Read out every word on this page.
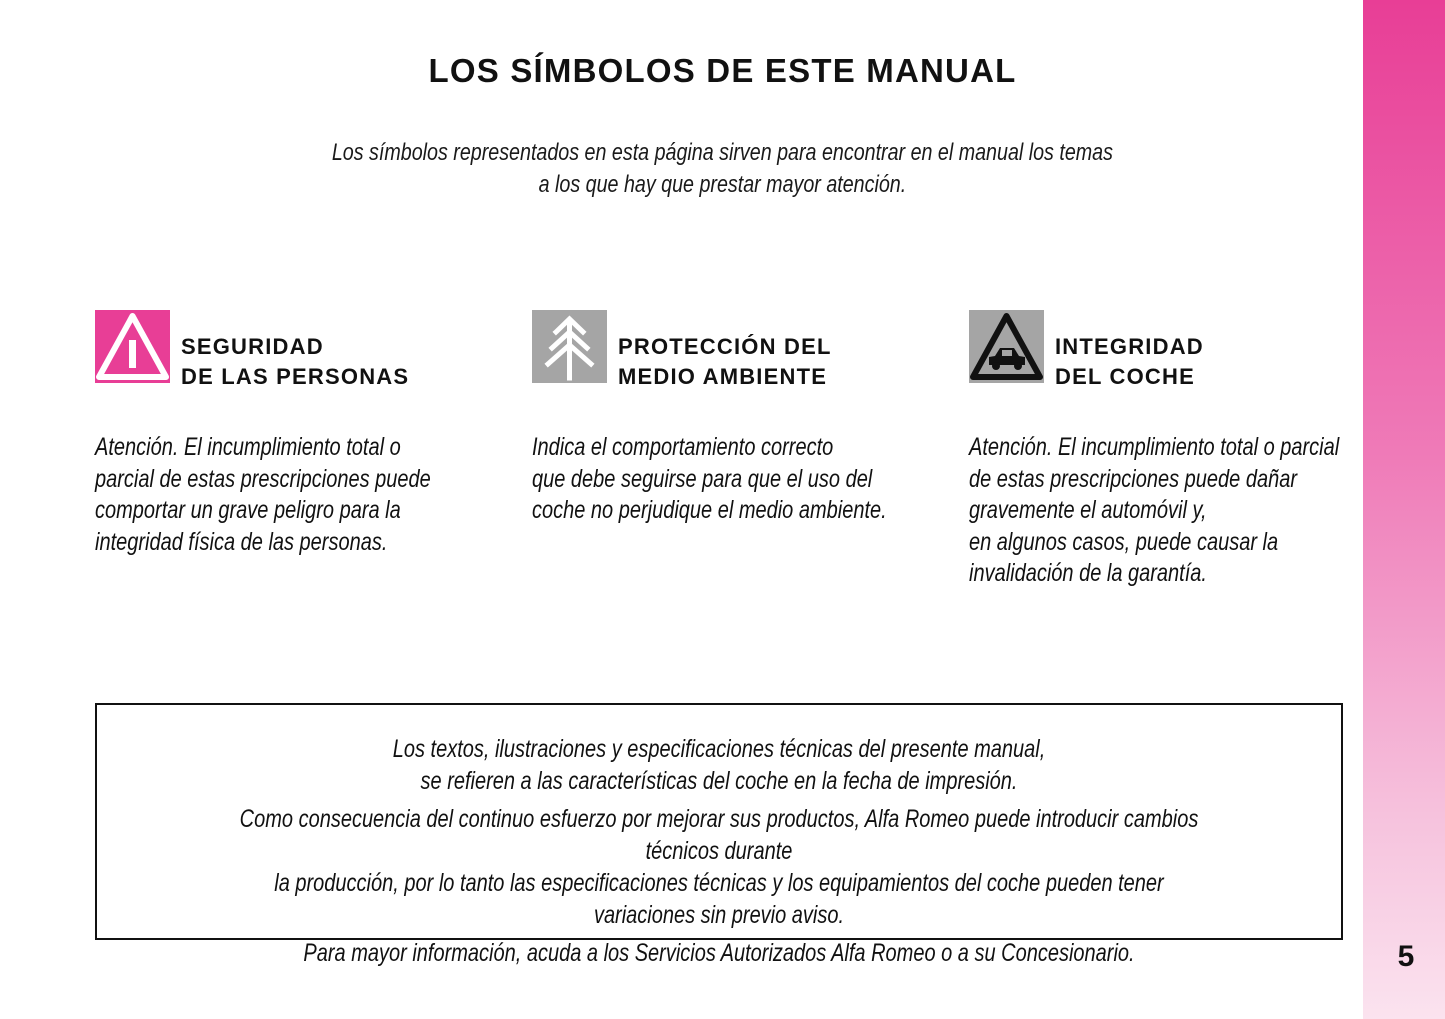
LOS SÍMBOLOS DE ESTE MANUAL
Los símbolos representados en esta página sirven para encontrar en el manual los temas
a los que hay que prestar mayor atención.
SEGURIDAD
DE LAS PERSONAS
Atención. El incumplimiento total o
parcial de estas prescripciones puede
comportar un grave peligro para la
integridad física de las personas.
PROTECCIÓN DEL
MEDIO AMBIENTE
Indica el comportamiento correcto
que debe seguirse para que el uso del
coche no perjudique el medio ambiente.
INTEGRIDAD
DEL COCHE
Atención. El incumplimiento total o parcial
de estas prescripciones puede dañar
gravemente el automóvil y,
en algunos casos, puede causar la
invalidación de la garantía.

Los textos, ilustraciones y especificaciones técnicas del presente manual,
se refieren a las características del coche en la fecha de impresión.

Como consecuencia del continuo esfuerzo por mejorar sus productos, Alfa Romeo puede introducir cambios técnicos durante
la producción, por lo tanto las especificaciones técnicas y los equipamientos del coche pueden tener variaciones sin previo aviso.

Para mayor información, acuda a los Servicios Autorizados Alfa Romeo o a su Concesionario.	5
